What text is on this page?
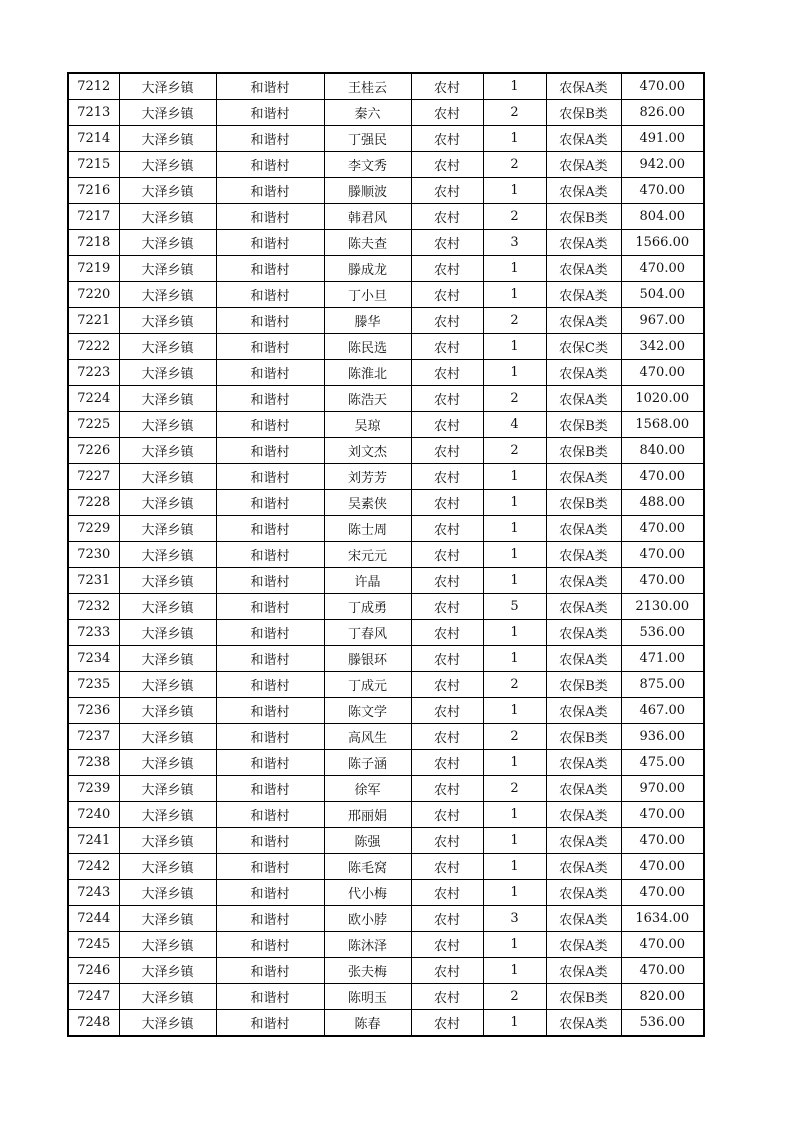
7212	大泽乡镇	和谐村	王桂云	农村	1	农保A类	470.00
7213	大泽乡镇	和谐村	秦六	农村	2	农保B类	826.00
7214	大泽乡镇	和谐村	丁强民	农村	1	农保A类	491.00
7215	大泽乡镇	和谐村	李文秀	农村	2	农保A类	942.00
7216	大泽乡镇	和谐村	滕顺波	农村	1	农保A类	470.00
7217	大泽乡镇	和谐村	韩君风	农村	2	农保B类	804.00
7218	大泽乡镇	和谐村	陈夫查	农村	3	农保A类	1566.00
7219	大泽乡镇	和谐村	滕成龙	农村	1	农保A类	470.00
7220	大泽乡镇	和谐村	丁小旦	农村	1	农保A类	504.00
7221	大泽乡镇	和谐村	滕华	农村	2	农保A类	967.00
7222	大泽乡镇	和谐村	陈民选	农村	1	农保C类	342.00
7223	大泽乡镇	和谐村	陈淮北	农村	1	农保A类	470.00
7224	大泽乡镇	和谐村	陈浩天	农村	2	农保A类	1020.00
7225	大泽乡镇	和谐村	吴琼	农村	4	农保B类	1568.00
7226	大泽乡镇	和谐村	刘文杰	农村	2	农保B类	840.00
7227	大泽乡镇	和谐村	刘芳芳	农村	1	农保A类	470.00
7228	大泽乡镇	和谐村	吴素侠	农村	1	农保B类	488.00
7229	大泽乡镇	和谐村	陈士周	农村	1	农保A类	470.00
7230	大泽乡镇	和谐村	宋元元	农村	1	农保A类	470.00
7231	大泽乡镇	和谐村	许晶	农村	1	农保A类	470.00
7232	大泽乡镇	和谐村	丁成勇	农村	5	农保A类	2130.00
7233	大泽乡镇	和谐村	丁春风	农村	1	农保A类	536.00
7234	大泽乡镇	和谐村	滕银环	农村	1	农保A类	471.00
7235	大泽乡镇	和谐村	丁成元	农村	2	农保B类	875.00
7236	大泽乡镇	和谐村	陈文学	农村	1	农保A类	467.00
7237	大泽乡镇	和谐村	高风生	农村	2	农保B类	936.00
7238	大泽乡镇	和谐村	陈子涵	农村	1	农保A类	475.00
7239	大泽乡镇	和谐村	徐军	农村	2	农保A类	970.00
7240	大泽乡镇	和谐村	邢丽娟	农村	1	农保A类	470.00
7241	大泽乡镇	和谐村	陈强	农村	1	农保A类	470.00
7242	大泽乡镇	和谐村	陈毛窝	农村	1	农保A类	470.00
7243	大泽乡镇	和谐村	代小梅	农村	1	农保A类	470.00
7244	大泽乡镇	和谐村	欧小脖	农村	3	农保A类	1634.00
7245	大泽乡镇	和谐村	陈沐泽	农村	1	农保A类	470.00
7246	大泽乡镇	和谐村	张夫梅	农村	1	农保A类	470.00
7247	大泽乡镇	和谐村	陈明玉	农村	2	农保B类	820.00
7248	大泽乡镇	和谐村	陈春	农村	1	农保A类	536.00
